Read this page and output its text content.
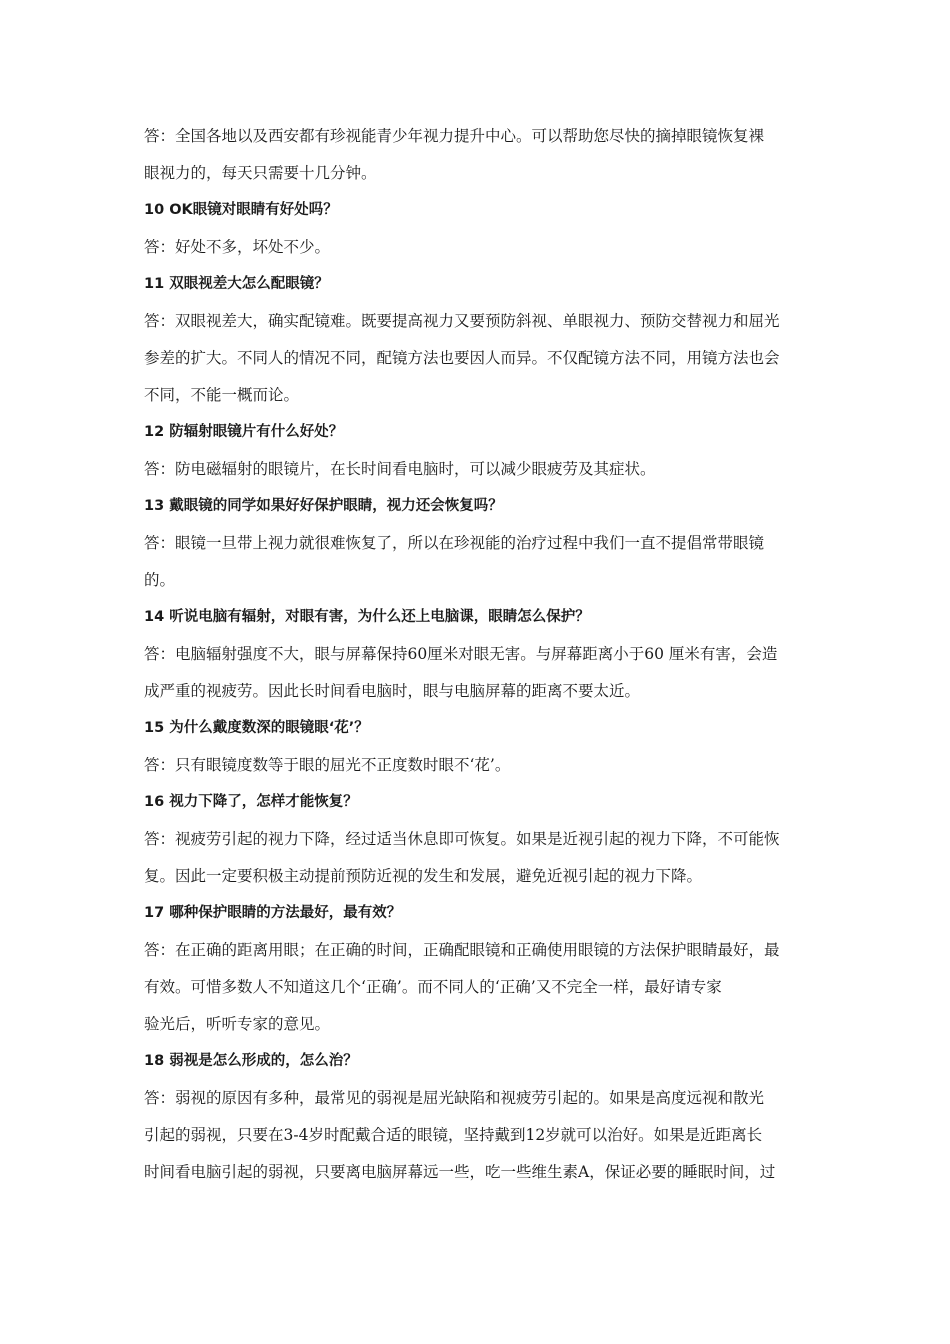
答：全国各地以及西安都有珍视能青少年视力提升中心。可以帮助您尽快的摘掉眼镜恢复裸
眼视力的，每天只需要十几分钟。
10 OK眼镜对眼睛有好处吗？
答：好处不多，坏处不少。
11 双眼视差大怎么配眼镜？
答：双眼视差大，确实配镜难。既要提高视力又要预防斜视、单眼视力、预防交替视力和屈光
参差的扩大。不同人的情况不同，配镜方法也要因人而异。不仅配镜方法不同，用镜方法也会
不同，不能一概而论。
12 防辐射眼镜片有什么好处？
答：防电磁辐射的眼镜片，在长时间看电脑时，可以减少眼疲劳及其症状。
13 戴眼镜的同学如果好好保护眼睛，视力还会恢复吗？
答：眼镜一旦带上视力就很难恢复了，所以在珍视能的治疗过程中我们一直不提倡常带眼镜
的。
14 听说电脑有辐射，对眼有害，为什么还上电脑课，眼睛怎么保护？
答：电脑辐射强度不大，眼与屏幕保持60厘米对眼无害。与屏幕距离小于60 厘米有害，会造
成严重的视疲劳。因此长时间看电脑时，眼与电脑屏幕的距离不要太近。
15 为什么戴度数深的眼镜眼‘花’？
答：只有眼镜度数等于眼的屈光不正度数时眼不‘花’。
16 视力下降了，怎样才能恢复？
答：视疲劳引起的视力下降，经过适当休息即可恢复。如果是近视引起的视力下降，不可能恢
复。因此一定要积极主动提前预防近视的发生和发展，避免近视引起的视力下降。
17 哪种保护眼睛的方法最好，最有效？
答：在正确的距离用眼；在正确的时间，正确配眼镜和正确使用眼镜的方法保护眼睛最好，最
有效。可惜多数人不知道这几个‘正确’。而不同人的‘正确’又不完全一样，最好请专家
验光后，听听专家的意见。
18 弱视是怎么形成的，怎么治？
答：弱视的原因有多种，最常见的弱视是屈光缺陷和视疲劳引起的。如果是高度远视和散光
引起的弱视，只要在3-4岁时配戴合适的眼镜，坚持戴到12岁就可以治好。如果是近距离长
时间看电脑引起的弱视，只要离电脑屏幕远一些，吃一些维生素A，保证必要的睡眠时间，过
